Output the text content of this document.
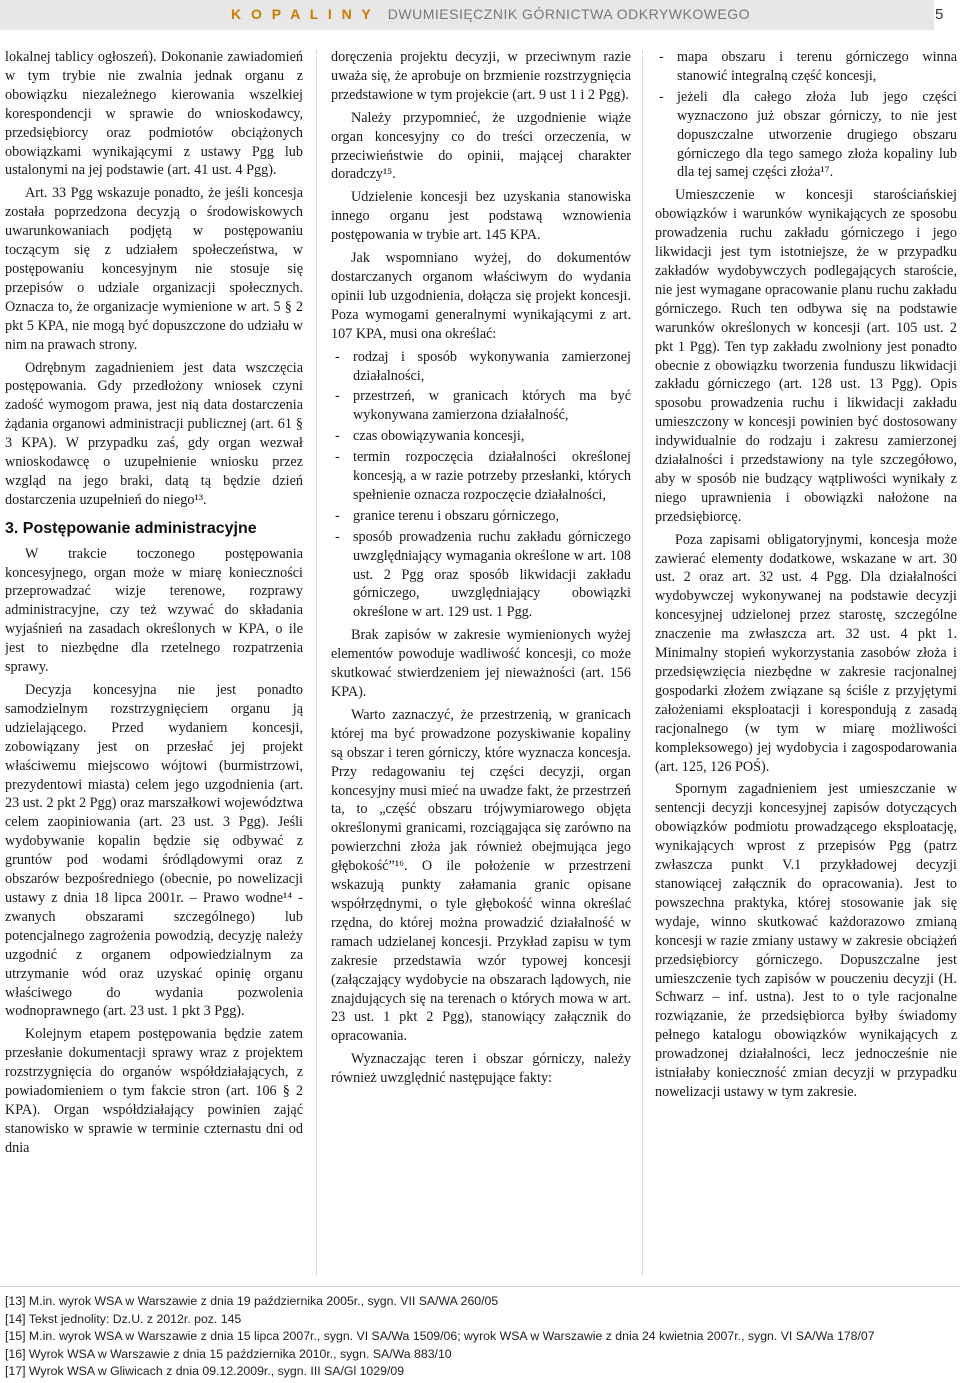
K O P A L I N Y DWUMIESIĘCZNIK GÓRNICTWA ODKRYWKOWEGO	5

lokalnej tablicy ogłoszeń). Dokonanie zawiadomień w tym trybie nie zwalnia jednak organu z obowiązku niezależnego kierowania wszelkiej korespondencji w sprawie do wnioskodawcy, przedsiębiorcy oraz podmiotów obciążonych obowiązkami wynikającymi z ustawy Pgg lub ustalonymi na jej podstawie (art. 41 ust. 4 Pgg).

Art. 33 Pgg wskazuje ponadto, że jeśli koncesja została poprzedzona decyzją o środowiskowych uwarunkowaniach podjętą w postępowaniu toczącym się z udziałem społeczeństwa, w postępowaniu koncesyjnym nie stosuje się przepisów o udziale organizacji społecznych. Oznacza to, że organizacje wymienione w art. 5 § 2 pkt 5 KPA, nie mogą być dopuszczone do udziału w nim na prawach strony.

Odrębnym zagadnieniem jest data wszczęcia postępowania. Gdy przedłożony wniosek czyni zadość wymogom prawa, jest nią data dostarczenia żądania organowi administracji publicznej (art. 61 § 3 KPA). W przypadku zaś, gdy organ wezwał wnioskodawcę o uzupełnienie wniosku przez wzgląd na jego braki, datą tą będzie dzień dostarczenia uzupełnień do niego¹³.

3. Postępowanie administracyjne

W trakcie toczonego postępowania koncesyjnego, organ może w miarę konieczności przeprowadzać wizje terenowe, rozprawy administracyjne, czy też wzywać do składania wyjaśnień na zasadach określonych w KPA, o ile jest to niezbędne dla rzetelnego rozpatrzenia sprawy.

Decyzja koncesyjna nie jest ponadto samodzielnym rozstrzygnięciem organu ją udzielającego. Przed wydaniem koncesji, zobowiązany jest on przesłać jej projekt właściwemu miejscowo wójtowi (burmistrzowi, prezydentowi miasta) celem jego uzgodnienia (art. 23 ust. 2 pkt 2 Pgg) oraz marszałkowi województwa celem zaopiniowania (art. 23 ust. 3 Pgg). Jeśli wydobywanie kopalin będzie się odbywać z gruntów pod wodami śródlądowymi oraz z obszarów bezpośredniego (obecnie, po nowelizacji ustawy z dnia 18 lipca 2001r. – Prawo wodne¹⁴ - zwanych obszarami szczególnego) lub potencjalnego zagrożenia powodzią, decyzję należy uzgodnić z organem odpowiedzialnym za utrzymanie wód oraz uzyskać opinię organu właściwego do wydania pozwolenia wodnoprawnego (art. 23 ust. 1 pkt 3 Pgg).

Kolejnym etapem postępowania będzie zatem przesłanie dokumentacji sprawy wraz z projektem rozstrzygnięcia do organów współdziałających, z powiadomieniem o tym fakcie stron (art. 106 § 2 KPA). Organ współdziałający powinien zająć stanowisko w sprawie w terminie czternastu dni od dnia

doręczenia projektu decyzji, w przeciwnym razie uważa się, że aprobuje on brzmienie rozstrzygnięcia przedstawione w tym projekcie (art. 9 ust 1 i 2 Pgg).

Należy przypomnieć, że uzgodnienie wiąże organ koncesyjny co do treści orzeczenia, w przeciwieństwie do opinii, mającej charakter doradczy¹⁵.

Udzielenie koncesji bez uzyskania stanowiska innego organu jest podstawą wznowienia postępowania w trybie art. 145 KPA.

Jak wspomniano wyżej, do dokumentów dostarczanych organom właściwym do wydania opinii lub uzgodnienia, dołącza się projekt koncesji. Poza wymogami generalnymi wynikającymi z art. 107 KPA, musi ona określać:

- rodzaj i sposób wykonywania zamierzonej działalności,
- przestrzeń, w granicach których ma być wykonywana zamierzona działalność,
- czas obowiązywania koncesji,
- termin rozpoczęcia działalności określonej koncesją, a w razie potrzeby przesłanki, których spełnienie oznacza rozpoczęcie działalności,
- granice terenu i obszaru górniczego,
- sposób prowadzenia ruchu zakładu górniczego uwzględniający wymagania określone w art. 108 ust. 2 Pgg oraz sposób likwidacji zakładu górniczego, uwzględniający obowiązki określone w art. 129 ust. 1 Pgg.

Brak zapisów w zakresie wymienionych wyżej elementów powoduje wadliwość koncesji, co może skutkować stwierdzeniem jej nieważności (art. 156 KPA).

Warto zaznaczyć, że przestrzenią, w granicach której ma być prowadzone pozyskiwanie kopaliny są obszar i teren górniczy, które wyznacza koncesja. Przy redagowaniu tej części decyzji, organ koncesyjny musi mieć na uwadze fakt, że przestrzeń ta, to „część obszaru trójwymiarowego objęta określonymi granicami, rozciągająca się zarówno na powierzchni złoża jak również obejmująca jego głębokość”¹⁶. O ile położenie w przestrzeni wskazują punkty załamania granic opisane współrzędnymi, o tyle głębokość winna określać rzędna, do której można prowadzić działalność w ramach udzielanej koncesji. Przykład zapisu w tym zakresie przedstawia wzór typowej koncesji (załączający wydobycie na obszarach lądowych, nie znajdujących się na terenach o których mowa w art. 23 ust. 1 pkt 2 Pgg), stanowiący załącznik do opracowania.

Wyznaczając teren i obszar górniczy, należy również uwzględnić następujące fakty:

- mapa obszaru i terenu górniczego winna stanowić integralną część koncesji,
- jeżeli dla całego złoża lub jego części wyznaczono już obszar górniczy, to nie jest dopuszczalne utworzenie drugiego obszaru górniczego dla tego samego złoża kopaliny lub dla tej samej części złoża¹⁷.

Umieszczenie w koncesji starościańskiej obowiązków i warunków wynikających ze sposobu prowadzenia ruchu zakładu górniczego i jego likwidacji jest tym istotniejsze, że w przypadku zakładów wydobywczych podlegających staroście, nie jest wymagane opracowanie planu ruchu zakładu górniczego. Ruch ten odbywa się na podstawie warunków określonych w koncesji (art. 105 ust. 2 pkt 1 Pgg). Ten typ zakładu zwolniony jest ponadto obecnie z obowiązku tworzenia funduszu likwidacji zakładu górniczego (art. 128 ust. 13 Pgg). Opis sposobu prowadzenia ruchu i likwidacji zakładu umieszczony w koncesji powinien być dostosowany indywidualnie do rodzaju i zakresu zamierzonej działalności i przedstawiony na tyle szczegółowo, aby w sposób nie budzący wątpliwości wynikały z niego uprawnienia i obowiązki nałożone na przedsiębiorcę.

Poza zapisami obligatoryjnymi, koncesja może zawierać elementy dodatkowe, wskazane w art. 30 ust. 2 oraz art. 32 ust. 4 Pgg. Dla działalności wydobywczej wykonywanej na podstawie decyzji koncesyjnej udzielonej przez starostę, szczególne znaczenie ma zwłaszcza art. 32 ust. 4 pkt 1. Minimalny stopień wykorzystania zasobów złoża i przedsięwzięcia niezbędne w zakresie racjonalnej gospodarki złożem związane są ściśle z przyjętymi założeniami eksploatacji i korespondują z zasadą racjonalnego (w tym w miarę możliwości kompleksowego) jej wydobycia i zagospodarowania (art. 125, 126 POŚ).

Spornym zagadnieniem jest umieszczanie w sentencji decyzji koncesyjnej zapisów dotyczących obowiązków podmiotu prowadzącego eksploatację, wynikających wprost z przepisów Pgg (patrz zwłaszcza punkt V.1 przykładowej decyzji stanowiącej załącznik do opracowania). Jest to powszechna praktyka, której stosowanie jak się wydaje, winno skutkować każdorazowo zmianą koncesji w razie zmiany ustawy w zakresie obciążeń przedsiębiorcy górniczego. Dopuszczalne jest umieszczenie tych zapisów w pouczeniu decyzji (H. Schwarz – inf. ustna). Jest to o tyle racjonalne rozwiązanie, że przedsiębiorca byłby świadomy pełnego katalogu obowiązków wynikających z prowadzonej działalności, lecz jednocześnie nie istniałaby konieczność zmian decyzji w przypadku nowelizacji ustawy w tym zakresie.

[13] M.in. wyrok WSA w Warszawie z dnia 19 października 2005r., sygn. VII SA/WA 260/05
[14] Tekst jednolity: Dz.U. z 2012r. poz. 145
[15] M.in. wyrok WSA w Warszawie z dnia 15 lipca 2007r., sygn. VI SA/Wa 1509/06; wyrok WSA w Warszawie z dnia 24 kwietnia 2007r., sygn. VI SA/Wa 178/07
[16] Wyrok WSA w Warszawie z dnia 15 października 2010r., sygn. SA/Wa 883/10
[17] Wyrok WSA w Gliwicach z dnia 09.12.2009r., sygn. III SA/Gl 1029/09
